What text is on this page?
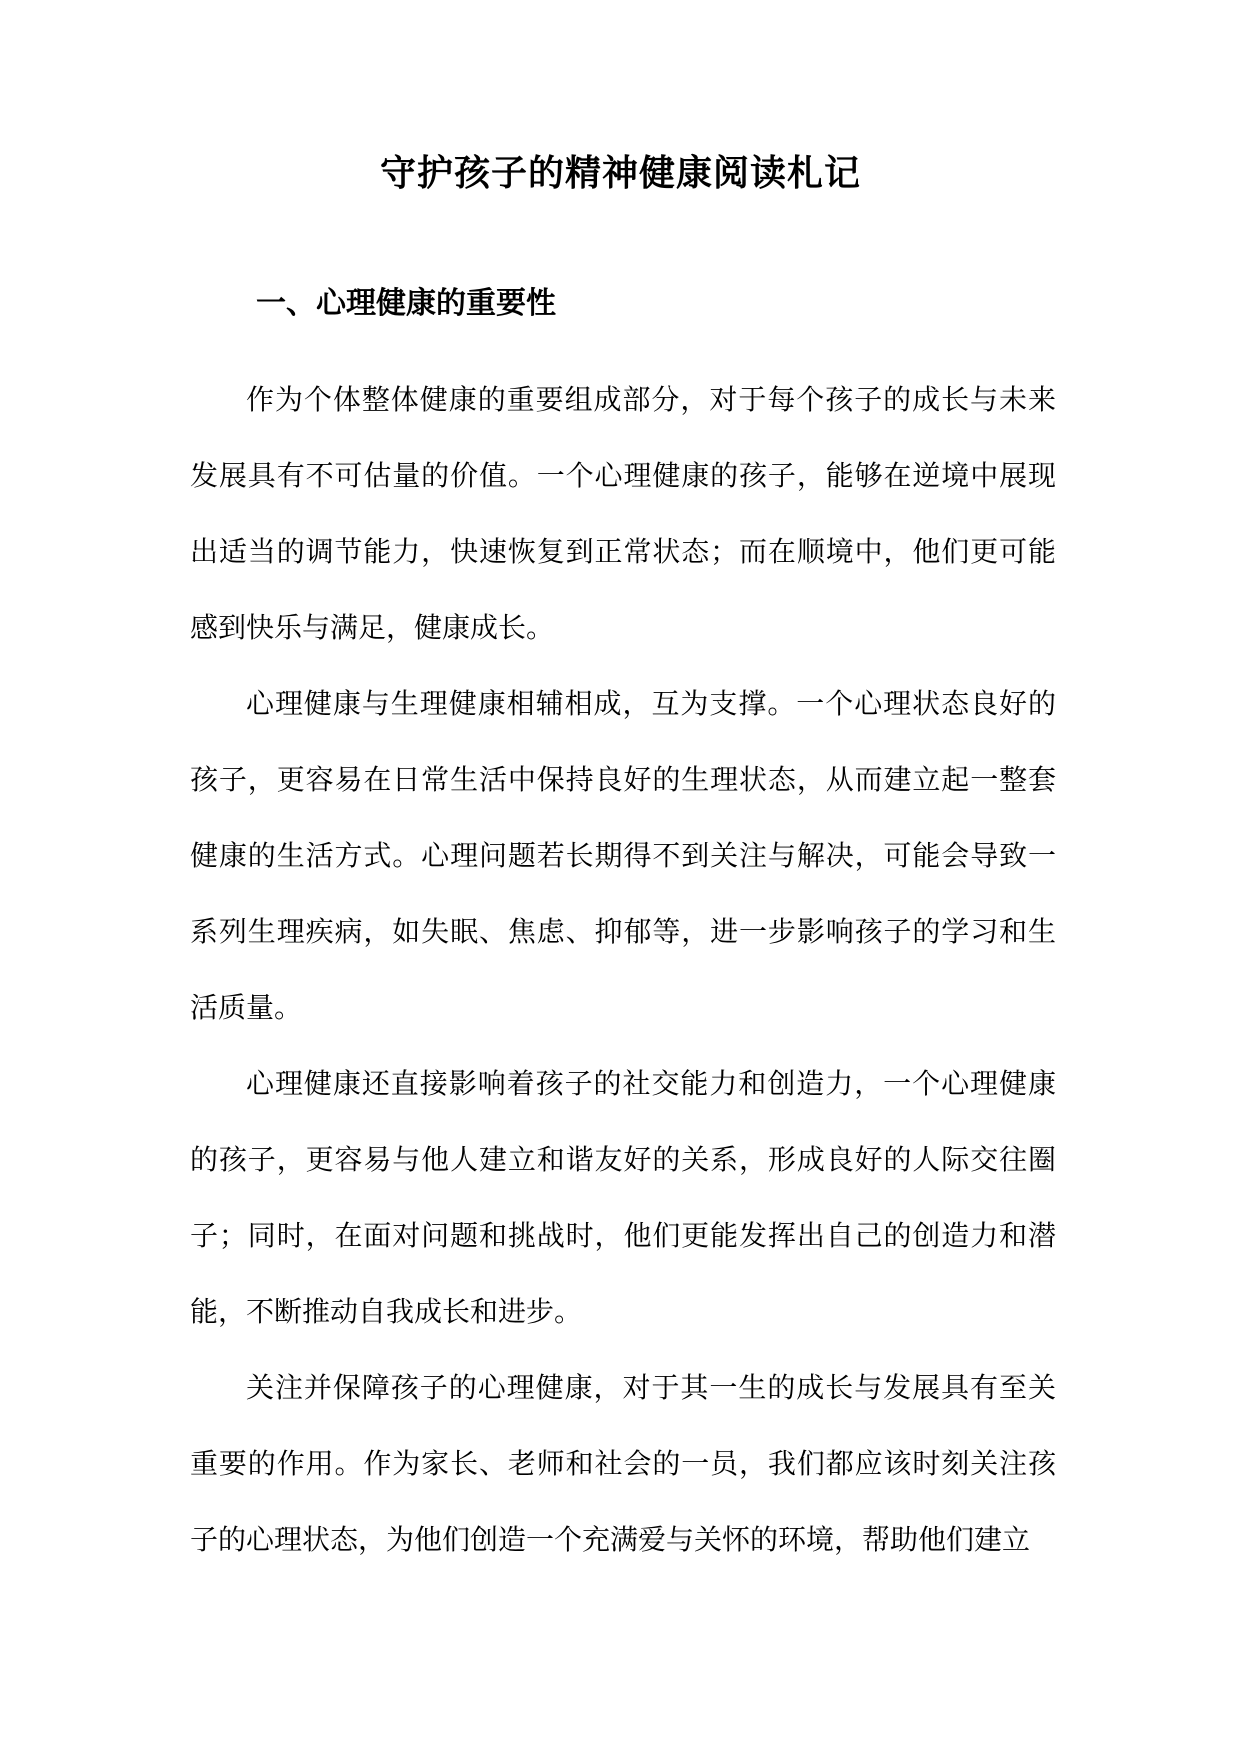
守护孩子的精神健康阅读札记
一、心理健康的重要性

作为个体整体健康的重要组成部分，对于每个孩子的成长与未来发展具有不可估量的价值。一个心理健康的孩子，能够在逆境中展现出适当的调节能力，快速恢复到正常状态；而在顺境中，他们更可能感到快乐与满足，健康成长。

心理健康与生理健康相辅相成，互为支撑。一个心理状态良好的孩子，更容易在日常生活中保持良好的生理状态，从而建立起一整套健康的生活方式。心理问题若长期得不到关注与解决，可能会导致一系列生理疾病，如失眠、焦虑、抑郁等，进一步影响孩子的学习和生活质量。

心理健康还直接影响着孩子的社交能力和创造力，一个心理健康的孩子，更容易与他人建立和谐友好的关系，形成良好的人际交往圈子；同时，在面对问题和挑战时，他们更能发挥出自己的创造力和潜能，不断推动自我成长和进步。

关注并保障孩子的心理健康，对于其一生的成长与发展具有至关重要的作用。作为家长、老师和社会的一员，我们都应该时刻关注孩子的心理状态，为他们创造一个充满爱与关怀的环境，帮助他们建立
